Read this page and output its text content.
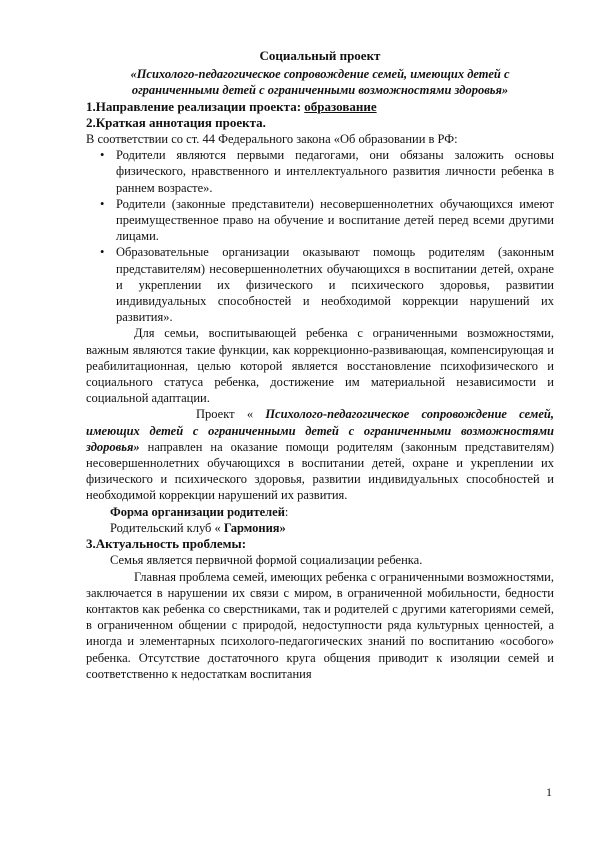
Социальный проект

«Психолого-педагогическое сопровождение семей, имеющих детей с ограниченными детей с ограниченными возможностями здоровья»

1.Направление реализации проекта: образование

2.Краткая аннотация проекта.

В соответствии со ст. 44 Федерального закона «Об образовании в РФ:

• Родители являются первыми педагогами, они обязаны заложить основы физического, нравственного и интеллектуального развития личности ребенка в раннем возрасте».
• Родители (законные представители) несовершеннолетних обучающихся имеют преимущественное право на обучение и воспитание детей перед всеми другими лицами.
• Образовательные организации оказывают помощь родителям (законным представителям) несовершеннолетних обучающихся в воспитании детей, охране и укреплении их физического и психического здоровья, развитии индивидуальных способностей и необходимой коррекции нарушений их развития».

Для семьи, воспитывающей ребенка с ограниченными возможностями, важным являются такие функции, как коррекционно-развивающая, компенсирующая и реабилитационная, целью которой является восстановление психофизического и социального статуса ребенка, достижение им материальной независимости и социальной адаптации.

Проект « Психолого-педагогическое сопровождение семей, имеющих детей с ограниченными детей с ограниченными возможностями здоровья» направлен на оказание помощи родителям (законным представителям) несовершеннолетних обучающихся в воспитании детей, охране и укреплении их физического и психического здоровья, развитии индивидуальных способностей и необходимой коррекции нарушений их развития.

Форма организации родителей:

Родительский клуб « Гармония»

3.Актуальность проблемы:

Семья является первичной формой социализации ребенка.

Главная проблема семей, имеющих ребенка с ограниченными возможностями, заключается в нарушении их связи с миром, в ограниченной мобильности, бедности контактов как ребенка со сверстниками, так и родителей с другими категориями семей, в ограниченном общении с природой, недоступности ряда культурных ценностей, а иногда и элементарных психолого-педагогических знаний по воспитанию «особого» ребенка. Отсутствие достаточного круга общения приводит к изоляции семей и соответственно к недостаткам воспитания

1
